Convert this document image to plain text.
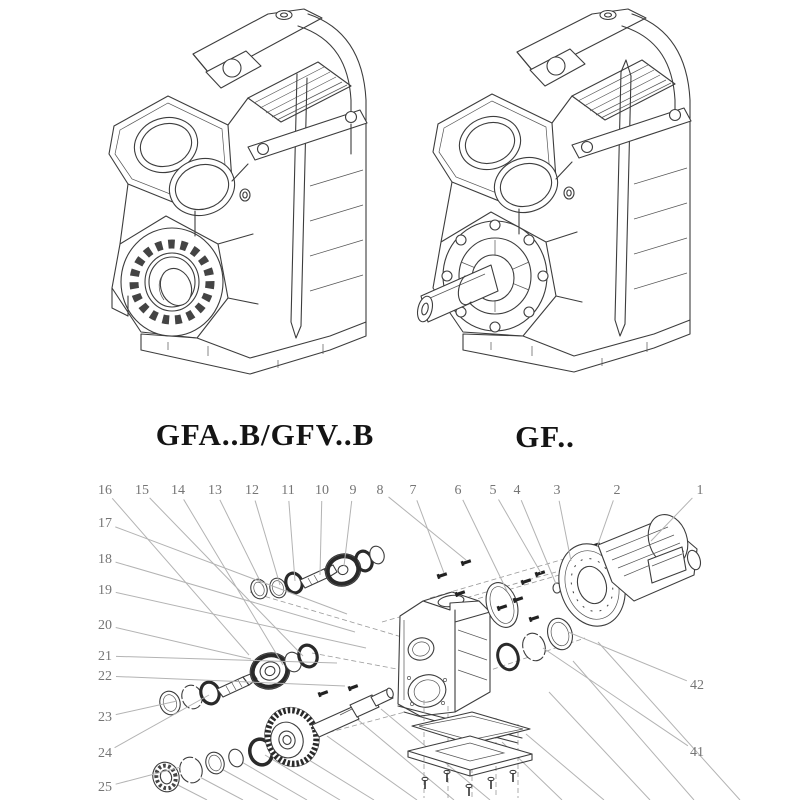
GFA..B/GFV..B	GF..
1
2
3
4
5
6
7
8
9
10
11
12
13
14
15
16
17
18
19
20
21
22
23
24
25
42
41
